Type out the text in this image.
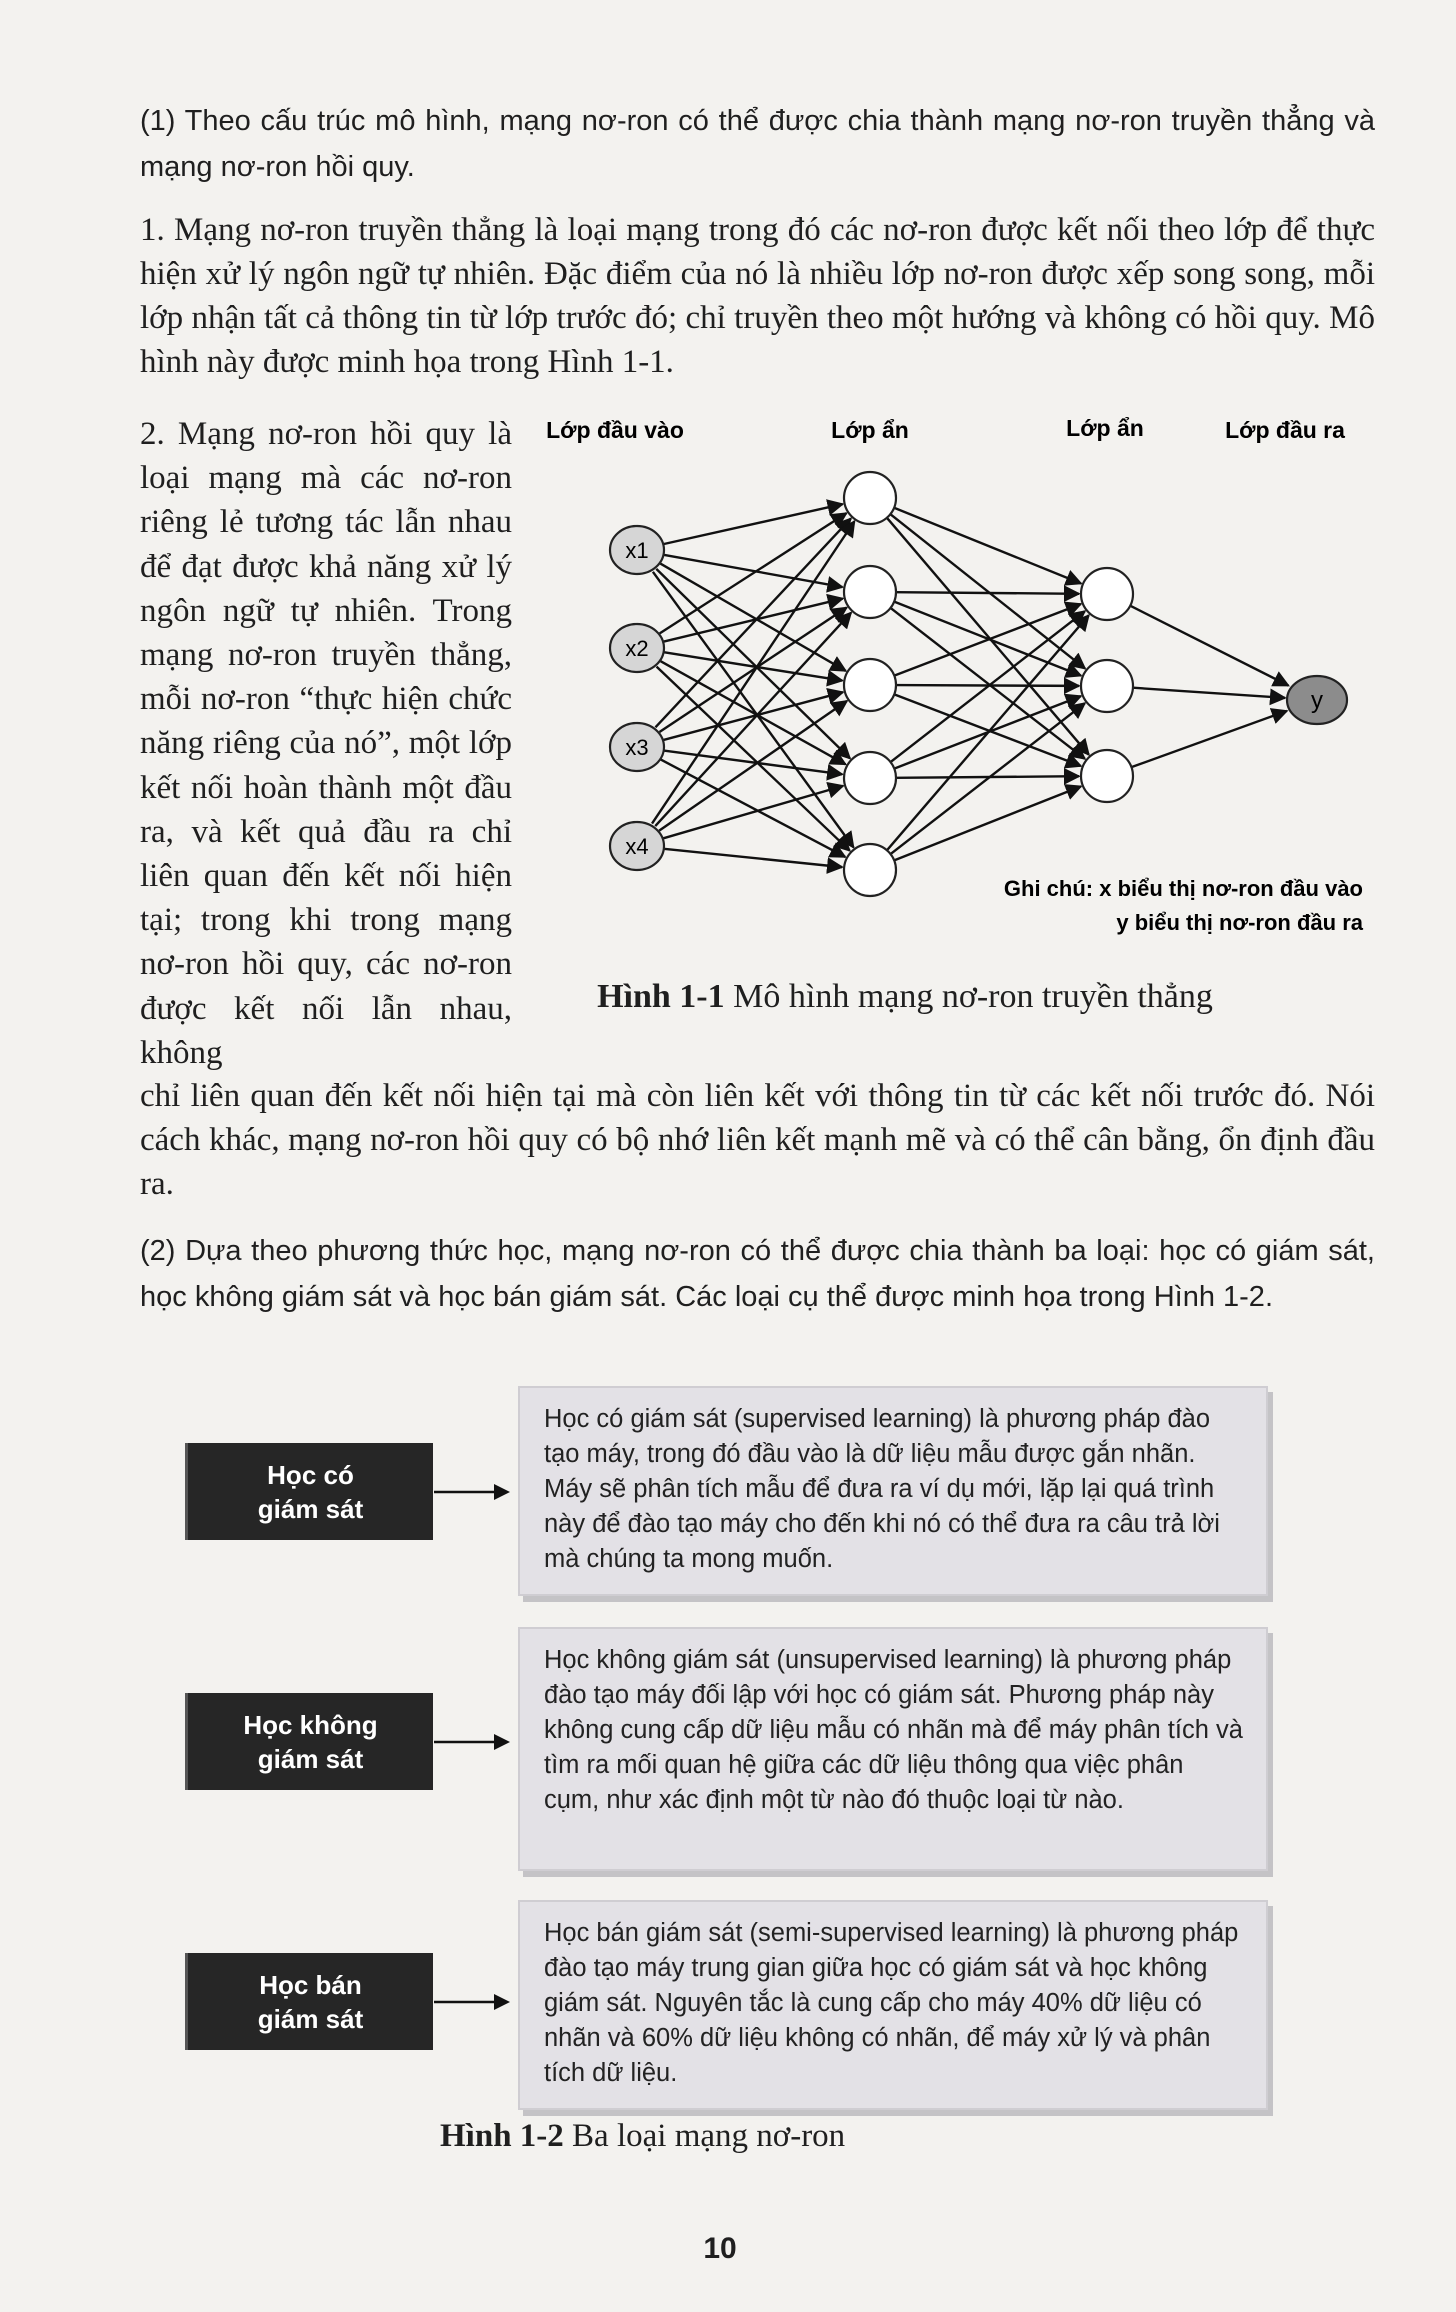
(1) Theo cấu trúc mô hình, mạng nơ-ron có thể được chia thành mạng nơ-ron truyền thẳng và mạng nơ-ron hồi quy.

1. Mạng nơ-ron truyền thẳng là loại mạng trong đó các nơ-ron được kết nối theo lớp để thực hiện xử lý ngôn ngữ tự nhiên. Đặc điểm của nó là nhiều lớp nơ-ron được xếp song song, mỗi lớp nhận tất cả thông tin từ lớp trước đó; chỉ truyền theo một hướng và không có hồi quy. Mô hình này được minh họa trong Hình 1-1.

2. Mạng nơ-ron hồi quy là loại mạng mà các nơ-ron riêng lẻ tương tác lẫn nhau để đạt được khả năng xử lý ngôn ngữ tự nhiên. Trong mạng nơ-ron truyền thẳng, mỗi nơ-ron “thực hiện chức năng riêng của nó”, một lớp kết nối hoàn thành một đầu ra, và kết quả đầu ra chỉ liên quan đến kết nối hiện tại; trong khi trong mạng nơ-ron hồi quy, các nơ-ron được kết nối lẫn nhau, không

Lớp đầu vào	Lớp ẩn	Lớp ẩn	Lớp đầu ra
x1
x2
x3
x4
y
Ghi chú: x biểu thị nơ-ron đầu vào
y biểu thị nơ-ron đầu ra
Hình 1-1 Mô hình mạng nơ-ron truyền thẳng

chỉ liên quan đến kết nối hiện tại mà còn liên kết với thông tin từ các kết nối trước đó. Nói cách khác, mạng nơ-ron hồi quy có bộ nhớ liên kết mạnh mẽ và có thể cân bằng, ổn định đầu ra.

(2) Dựa theo phương thức học, mạng nơ-ron có thể được chia thành ba loại: học có giám sát, học không giám sát và học bán giám sát. Các loại cụ thể được minh họa trong Hình 1-2.

Học có giám sát
Học có giám sát (supervised learning) là phương pháp đào tạo máy, trong đó đầu vào là dữ liệu mẫu được gắn nhãn. Máy sẽ phân tích mẫu để đưa ra ví dụ mới, lặp lại quá trình này để đào tạo máy cho đến khi nó có thể đưa ra câu trả lời mà chúng ta mong muốn.
Học không giám sát
Học không giám sát (unsupervised learning) là phương pháp đào tạo máy đối lập với học có giám sát. Phương pháp này không cung cấp dữ liệu mẫu có nhãn mà để máy phân tích và tìm ra mối quan hệ giữa các dữ liệu thông qua việc phân cụm, như xác định một từ nào đó thuộc loại từ nào.
Học bán giám sát
Học bán giám sát (semi-supervised learning) là phương pháp đào tạo máy trung gian giữa học có giám sát và học không giám sát. Nguyên tắc là cung cấp cho máy 40% dữ liệu có nhãn và 60% dữ liệu không có nhãn, để máy xử lý và phân tích dữ liệu.
Hình 1-2 Ba loại mạng nơ-ron
10
